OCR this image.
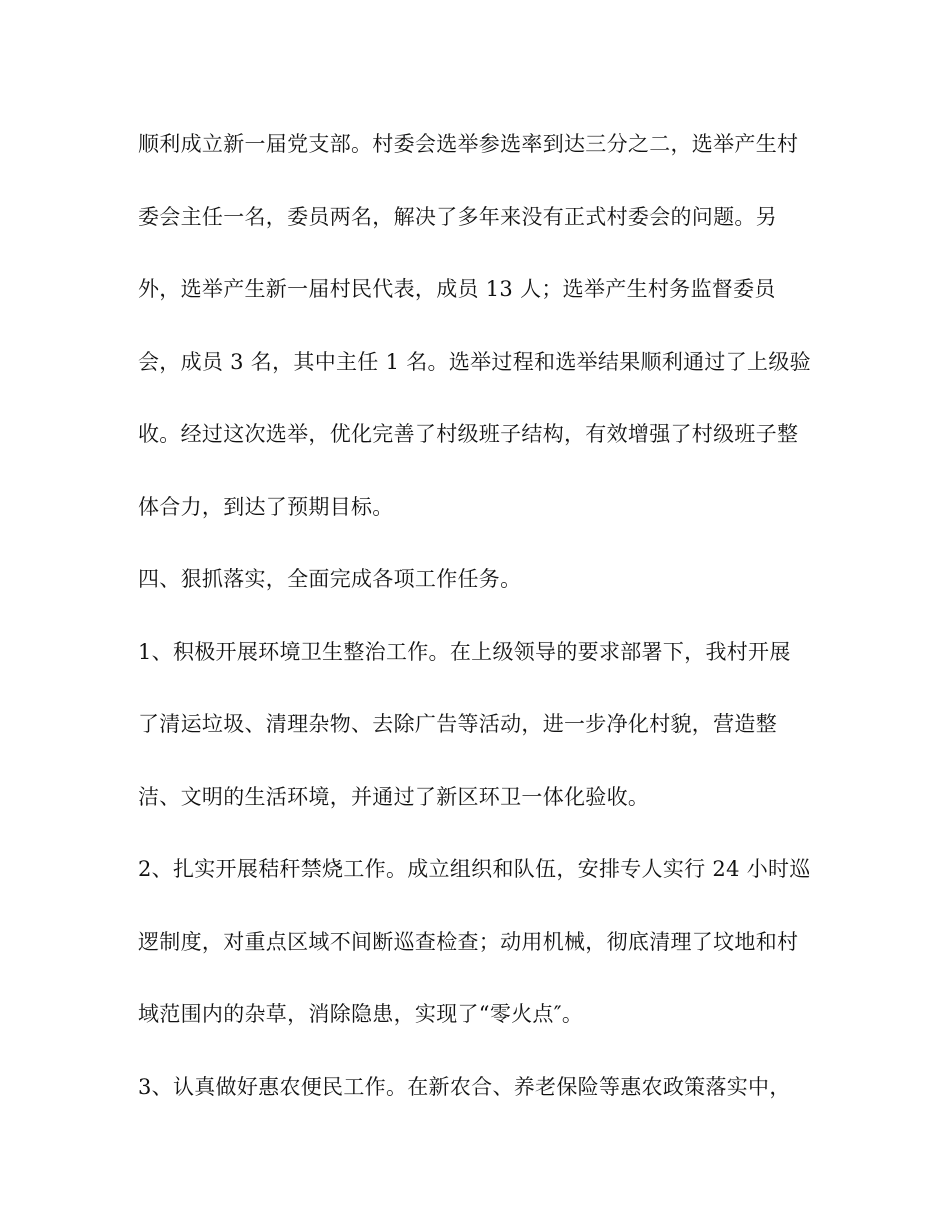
顺利成立新一届党支部。村委会选举参选率到达三分之二，选举产生村
委会主任一名，委员两名，解决了多年来没有正式村委会的问题。另
外，选举产生新一届村民代表，成员 13 人；选举产生村务监督委员
会，成员 3 名，其中主任 1 名。选举过程和选举结果顺利通过了上级验
收。经过这次选举，优化完善了村级班子结构，有效增强了村级班子整
体合力，到达了预期目标。
四、狠抓落实，全面完成各项工作任务。
1、积极开展环境卫生整治工作。在上级领导的要求部署下，我村开展
了清运垃圾、清理杂物、去除广告等活动，进一步净化村貌，营造整
洁、文明的生活环境，并通过了新区环卫一体化验收。
2、扎实开展秸秆禁烧工作。成立组织和队伍，安排专人实行 24 小时巡
逻制度，对重点区域不间断巡查检查；动用机械，彻底清理了坟地和村
域范围内的杂草，消除隐患，实现了“零火点″。
3、认真做好惠农便民工作。在新农合、养老保险等惠农政策落实中，
